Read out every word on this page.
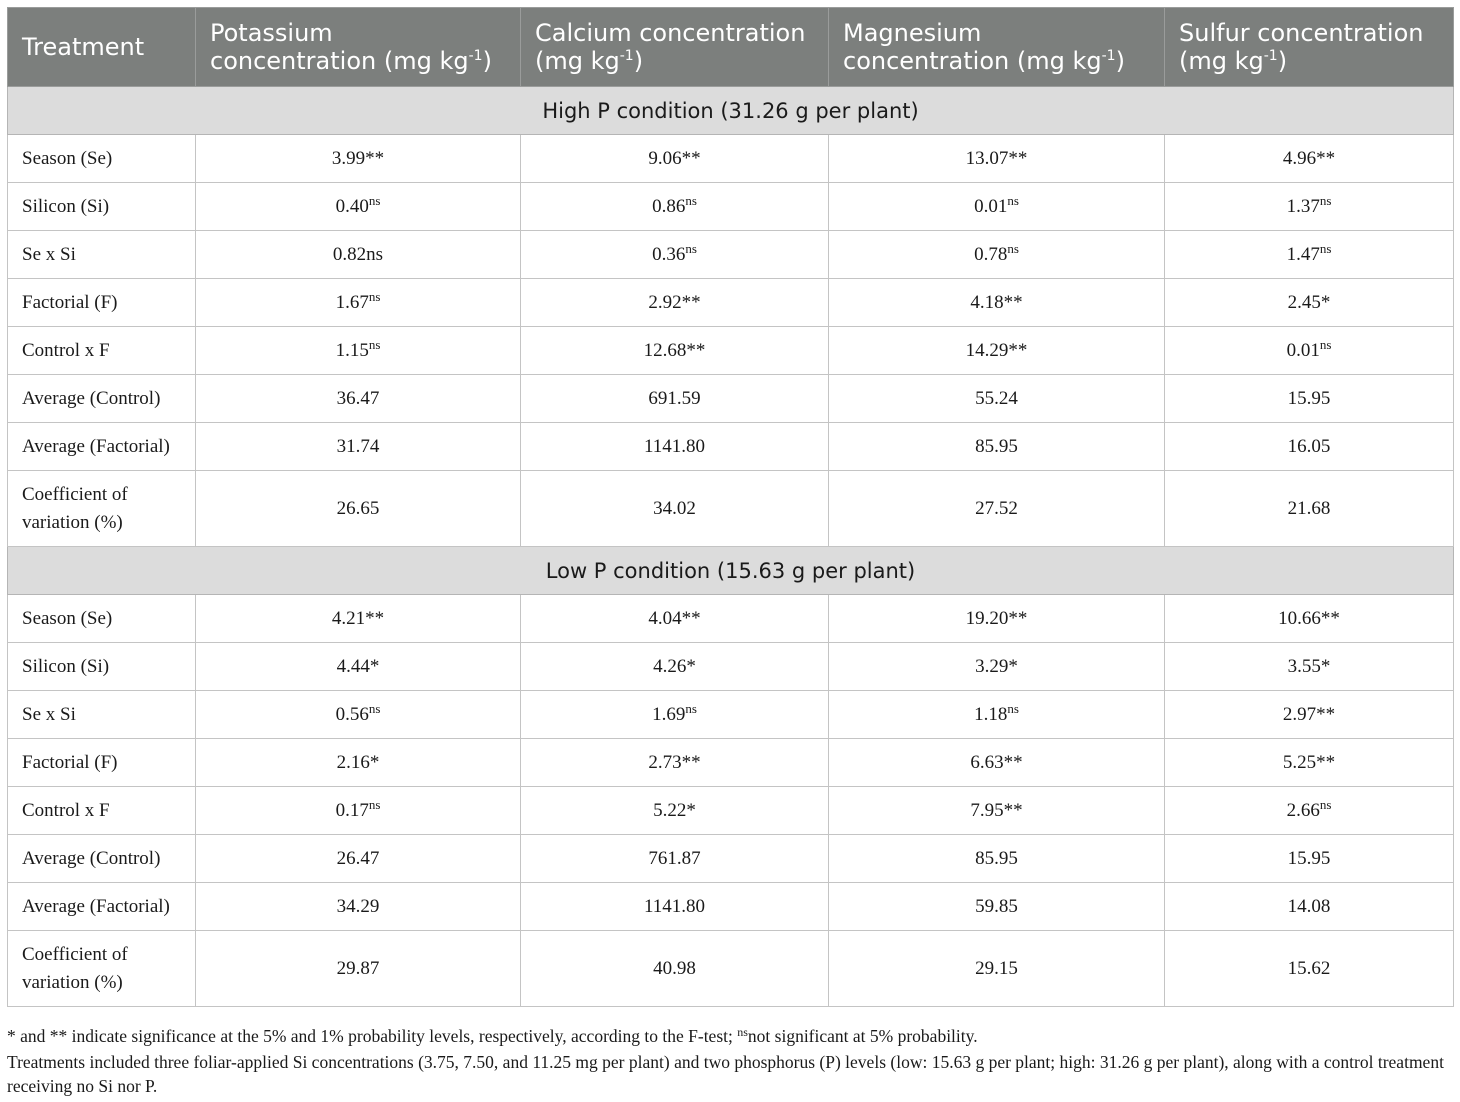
Treatment	Potassium concentration (mg $kg^{-1}$)	Calcium concentration (mg $kg^{-1}$)	Magnesium concentration (mg $kg^{-1}$)	Sulfur concentration (mg $kg^{-1}$)
High P condition (31.26 g per plant)				
Season (Se)	3.99**	9.06**	13.07**	4.96**
Silicon (Si)	$0.40^{ns}$	$0.86^{ns}$	$0.01^{ns}$	$1.37^{ns}$
Se x Si	0.82ns	$0.36^{ns}$	$0.78^{ns}$	$1.47^{ns}$
Factorial (F)	$1.67^{ns}$	2.92**	4.18**	2.45*
Control x F	$1.15^{ns}$	12.68**	14.29**	$0.01^{ns}$
Average (Control)	36.47	691.59	55.24	15.95
Average (Factorial)	31.74	1141.80	85.95	16.05
Coefficient of variation (%)	26.65	34.02	27.52	21.68
Low P condition (15.63 g per plant)				
Season (Se)	4.21**	4.04**	19.20**	10.66**
Silicon (Si)	4.44*	4.26*	3.29*	3.55*
Se x Si	$0.56^{ns}$	$1.69^{ns}$	$1.18^{ns}$	2.97**
Factorial (F)	2.16*	2.73**	6.63**	5.25**
Control x F	$0.17^{ns}$	5.22*	7.95**	$2.66^{ns}$
Average (Control)	26.47	761.87	85.95	15.95
Average (Factorial)	34.29	1141.80	59.85	14.08
Coefficient of variation (%)	29.87	40.98	29.15	15.62
* and ** indicate significance at the 5% and 1% probability levels, respectively, according to the F-test; $^{ns}$not significant at 5% probability.
Treatments included three foliar-applied Si concentrations (3.75, 7.50, and 11.25 mg per plant) and two phosphorus (P) levels (low: 15.63 g per plant; high: 31.26 g per plant), along with a control treatment receiving no Si nor P.
